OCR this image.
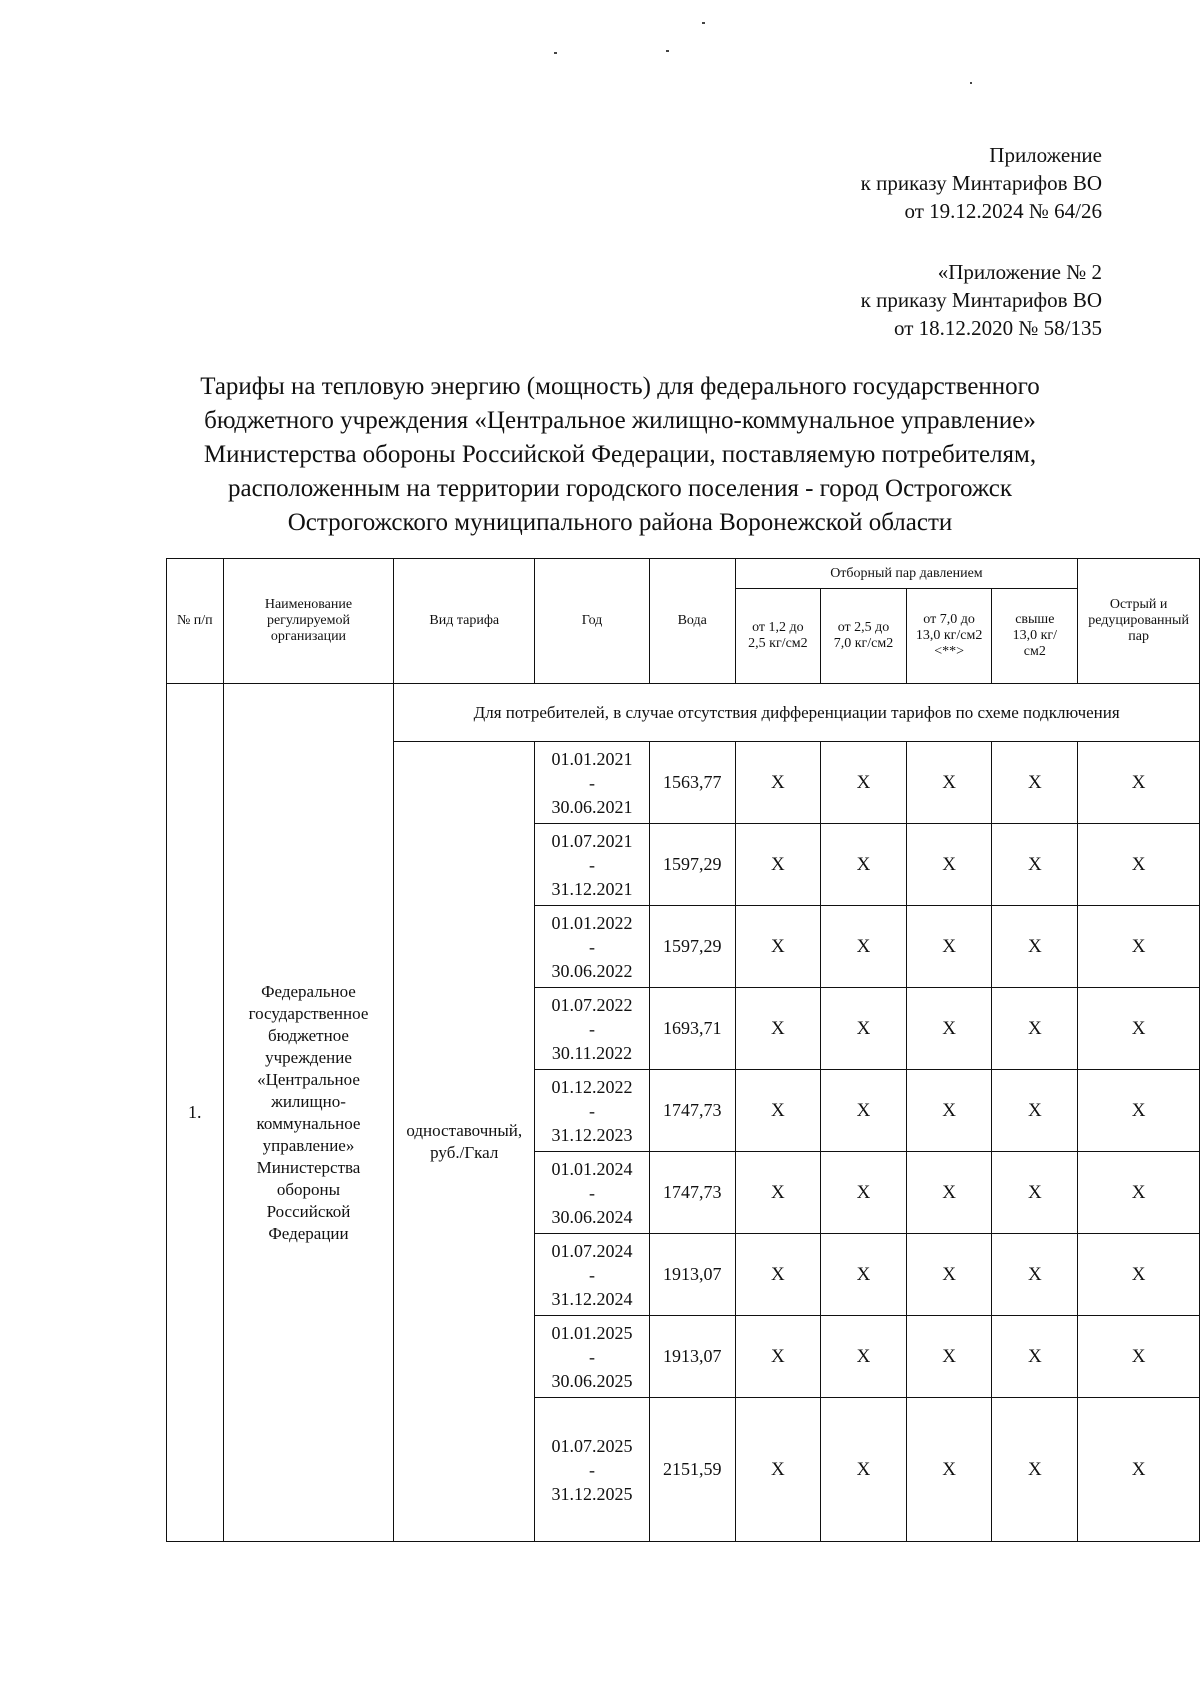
Приложение
к приказу Минтарифов ВО
от 19.12.2024 № 64/26
«Приложение № 2
к приказу Минтарифов ВО
от 18.12.2020 № 58/135
Тарифы на тепловую энергию (мощность) для федерального государственного
бюджетного учреждения «Центральное жилищно-коммунальное управление»
Министерства обороны Российской Федерации, поставляемую потребителям,
расположенным на территории городского поселения - город Острогожск
Острогожского муниципального района Воронежской области
№ п/п	Наименование регулируемой организации	Вид тарифа	Год	Вода	Отборный пар давлением				Острый и редуцированный пар
					от 1,2 до 2,5 кг/см2	от 2,5 до 7,0 кг/см2	от 7,0 до 13,0 кг/см2 <**>	свыше 13,0 кг/см2	
1.	Федеральное государственное бюджетное учреждение «Центральное жилищно-коммунальное управление» Министерства обороны Российской Федерации	Для потребителей, в случае отсутствия дифференциации тарифов по схеме подключения							
		одноставочный, руб./Гкал	01.01.2021
-
30.06.2021	1563,77	X	X	X	X	X

			01.07.2021
-
31.12.2021	1597,29	X	X	X	X	X

			01.01.2022
-
30.06.2022	1597,29	X	X	X	X	X

			01.07.2022
-
30.11.2022	1693,71	X	X	X	X	X

			01.12.2022
-
31.12.2023	1747,73	X	X	X	X	X

			01.01.2024
-
30.06.2024	1747,73	X	X	X	X	X

			01.07.2024
-
31.12.2024	1913,07	X	X	X	X	X

			01.01.2025
-
30.06.2025	1913,07	X	X	X	X	X

			01.07.2025
-
31.12.2025	2151,59	X	X	X	X	X
